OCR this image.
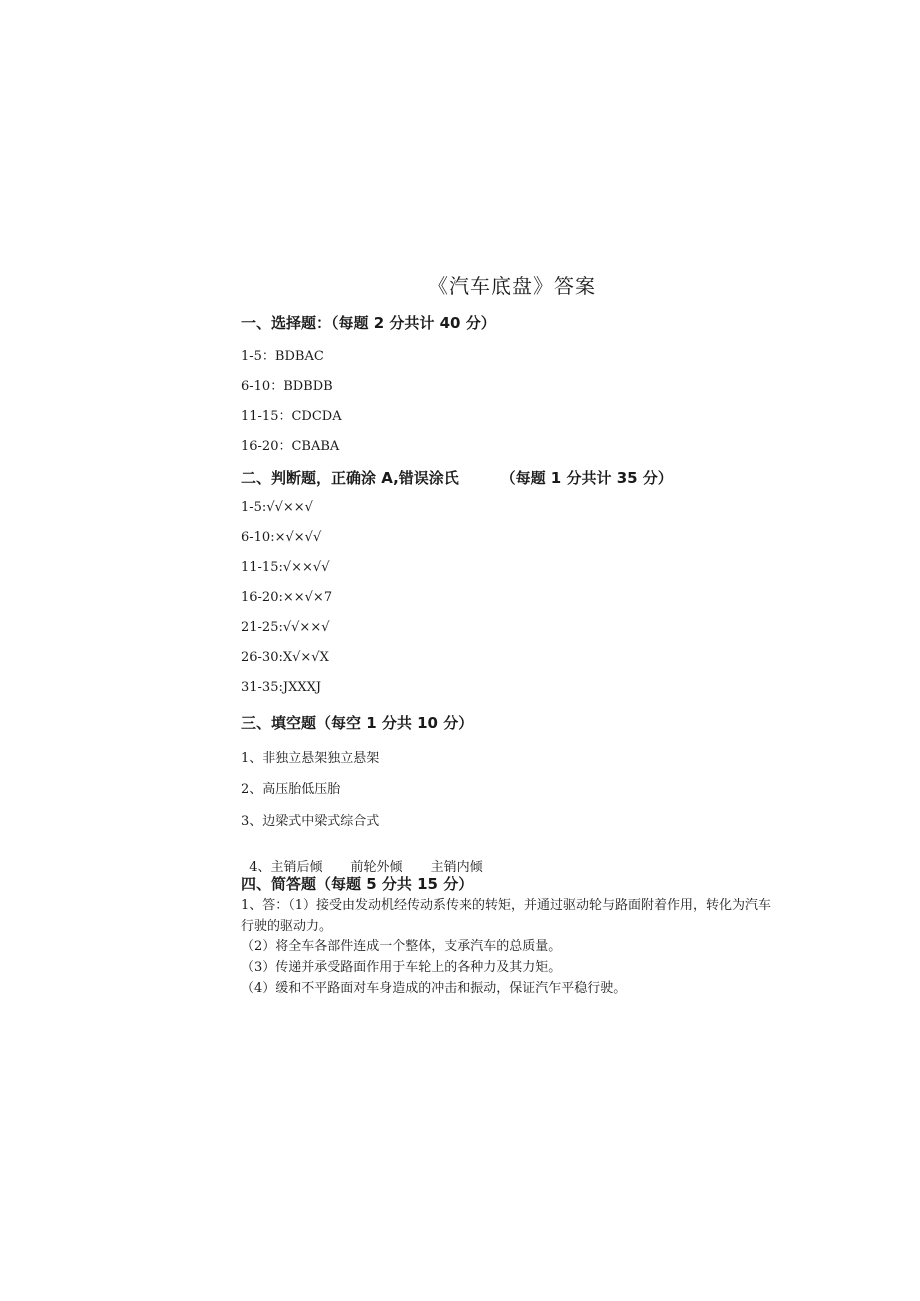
《汽车底盘》答案
一、选择题：（每题 2 分共计 40 分）
1-5：BDBAC
6-10：BDBDB
11-15：CDCDA
16-20：CBABA
二、判断题，正确涂 A,错误涂氏        （每题 1 分共计 35 分）
1-5:√√××√
6-10:×√×√√
11-15:√××√√
16-20:××√×7
21-25:√√××√
26-30:X√×√X
31-35:JXXXJ
三、填空题（每空 1 分共 10 分）
1、非独立悬架独立悬架
2、高压胎低压胎
3、边梁式中梁式综合式

4、主销后倾 前轮外倾 主销内倾

四、简答题（每题 5 分共 15 分）
1、答：（1）接受由发动机经传动系传来的转矩，并通过驱动轮与路面附着作用，转化为汽车行驶的驱动力。
（2）将全车各部件连成一个整体，支承汽车的总质量。
（3）传递并承受路面作用于车轮上的各种力及其力矩。
（4）缓和不平路面对车身造成的冲击和振动，保证汽乍平稳行驶。
